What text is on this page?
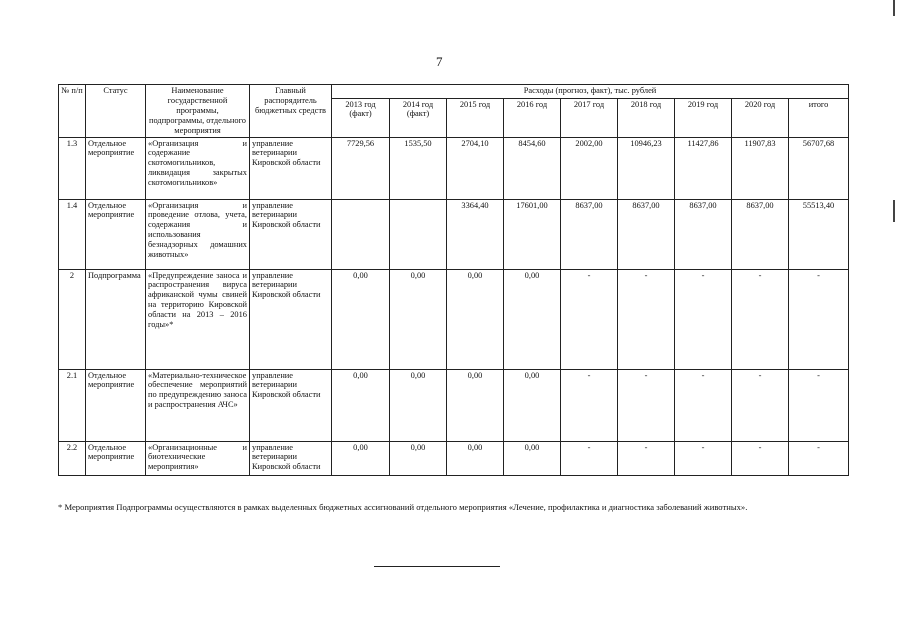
7
№ п/п	Статус	Наименование государственной программы, подпрограммы, отдельного мероприятия	Главный распорядитель бюджетных средств	Расходы (прогноз, факт), тыс. рублей								
				2013 год (факт)	2014 год (факт)	2015 год	2016 год	2017 год	2018 год	2019 год	2020 год	итого
1.3	Отдельное мероприятие	«Организация и содержание скотомогильников, ликвидация закрытых скотомогильников»	управление ветеринарии Кировской области	7729,56	1535,50	2704,10	8454,60	2002,00	10946,23	11427,86	11907,83	56707,68
1.4	Отдельное мероприятие	«Организация и проведение отлова, учета, содержания и использования безнадзорных домашних животных»	управление ветеринарии Кировской области			3364,40	17601,00	8637,00	8637,00	8637,00	8637,00	55513,40
2	Подпрограмма	«Предупреждение заноса и распространения вируса африканской чумы свиней на территорию Кировской области на 2013 – 2016 годы»*	управление ветеринарии Кировской области	0,00	0,00	0,00	0,00	-	-	-	-	-
2.1	Отдельное мероприятие	«Материально-техническое обеспечение мероприятий по предупреждению заноса и распространения АЧС»	управление ветеринарии Кировской области	0,00	0,00	0,00	0,00	-	-	-	-	-
2.2	Отдельное мероприятие	«Организационные и биотехнические мероприятия»	управление ветеринарии Кировской области	0,00	0,00	0,00	0,00	-	-	-	-	-
* Мероприятия Подпрограммы осуществляются в рамках выделенных бюджетных ассигнований отдельного мероприятия «Лечение, профилактика и диагностика заболеваний животных».
